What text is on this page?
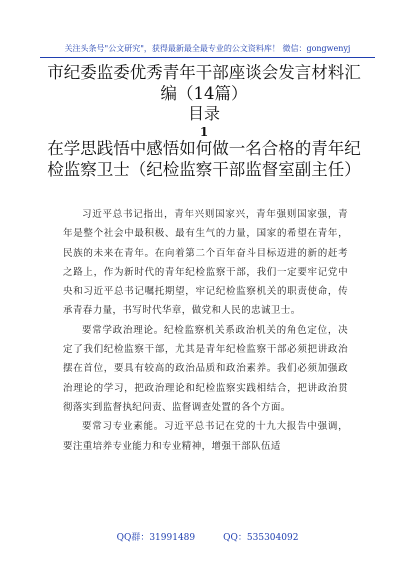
关注头条号"公文研究"，获得最新最全最专业的公文资料库！ 微信：gongwenyj
市纪委监委优秀青年干部座谈会发言材料汇编（14篇）
目录
1
在学思践悟中感悟如何做一名合格的青年纪检监察卫士（纪检监察干部监督室副主任）

习近平总书记指出，青年兴则国家兴，青年强则国家强，青年是整个社会中最积极、最有生气的力量，国家的希望在青年，民族的未来在青年。在向着第二个百年奋斗目标迈进的新的赶考之路上，作为新时代的青年纪检监察干部，我们一定要牢记党中央和习近平总书记嘱托期望，牢记纪检监察机关的职责使命，传承青春力量，书写时代华章，做党和人民的忠诚卫士。

要常学政治理论。纪检监察机关系政治机关的角色定位，决定了我们纪检监察干部，尤其是青年纪检监察干部必须把讲政治摆在首位，要具有较高的政治品质和政治素养。我们必须加强政治理论的学习，把政治理论和纪检监察实践相结合，把讲政治贯彻落实到监督执纪问责、监督调查处置的各个方面。

要常习专业素能。习近平总书记在党的十九大报告中强调，要注重培养专业能力和专业精神，增强干部队伍适

QQ群：31991489	QQ：535304092
